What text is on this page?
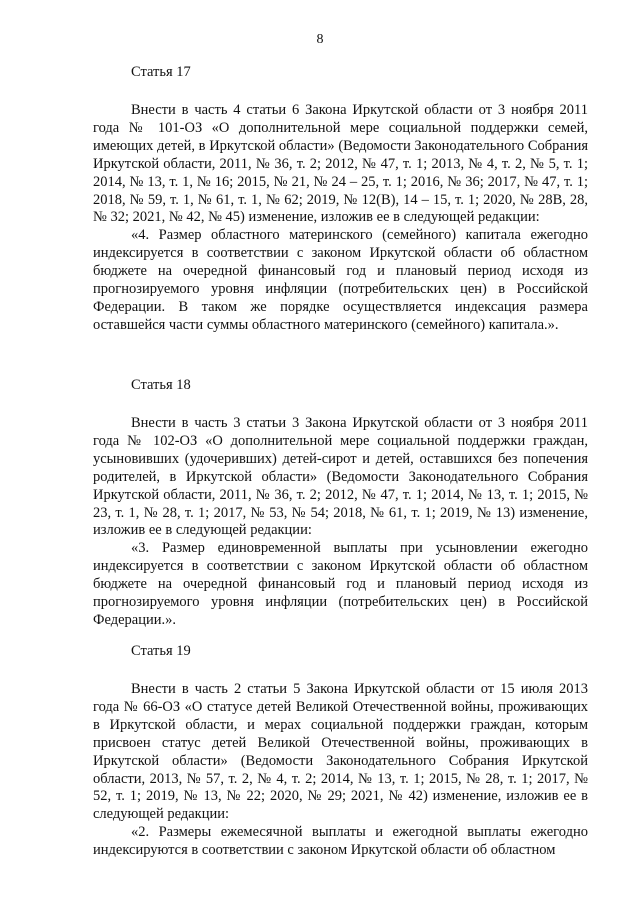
8

Статья 17

Внести в часть 4 статьи 6 Закона Иркутской области от 3 ноября 2011 года № 101-ОЗ «О дополнительной мере социальной поддержки семей, имеющих детей, в Иркутской области» (Ведомости Законодательного Собрания Иркутской области, 2011, № 36, т. 2; 2012, № 47, т. 1; 2013, № 4, т. 2, № 5, т. 1; 2014, № 13, т. 1, № 16; 2015, № 21, № 24 – 25, т. 1; 2016, № 36; 2017, № 47, т. 1; 2018, № 59, т. 1, № 61, т. 1, № 62; 2019, № 12(В), 14 – 15, т. 1; 2020, № 28В, 28, № 32; 2021, № 42, № 45) изменение, изложив ее в следующей редакции:

«4. Размер областного материнского (семейного) капитала ежегодно индексируется в соответствии с законом Иркутской области об областном бюджете на очередной финансовый год и плановый период исходя из прогнозируемого уровня инфляции (потребительских цен) в Российской Федерации. В таком же порядке осуществляется индексация размера оставшейся части суммы областного материнского (семейного) капитала.».

Статья 18

Внести в часть 3 статьи 3 Закона Иркутской области от 3 ноября 2011 года № 102-ОЗ «О дополнительной мере социальной поддержки граждан, усыновивших (удочеривших) детей-сирот и детей, оставшихся без попечения родителей, в Иркутской области» (Ведомости Законодательного Собрания Иркутской области, 2011, № 36, т. 2; 2012, № 47, т. 1; 2014, № 13, т. 1; 2015, № 23, т. 1, № 28, т. 1; 2017, № 53, № 54; 2018, № 61, т. 1; 2019, № 13) изменение, изложив ее в следующей редакции:

«3. Размер единовременной выплаты при усыновлении ежегодно индексируется в соответствии с законом Иркутской области об областном бюджете на очередной финансовый год и плановый период исходя из прогнозируемого уровня инфляции (потребительских цен) в Российской Федерации.».

Статья 19

Внести в часть 2 статьи 5 Закона Иркутской области от 15 июля 2013 года № 66-ОЗ «О статусе детей Великой Отечественной войны, проживающих в Иркутской области, и мерах социальной поддержки граждан, которым присвоен статус детей Великой Отечественной войны, проживающих в Иркутской области» (Ведомости Законодательного Собрания Иркутской области, 2013, № 57, т. 2, № 4, т. 2; 2014, № 13, т. 1; 2015, № 28, т. 1; 2017, № 52, т. 1; 2019, № 13, № 22; 2020, № 29; 2021, № 42) изменение, изложив ее в следующей редакции:

«2. Размеры ежемесячной выплаты и ежегодной выплаты ежегодно индексируются в соответствии с законом Иркутской области об областном
